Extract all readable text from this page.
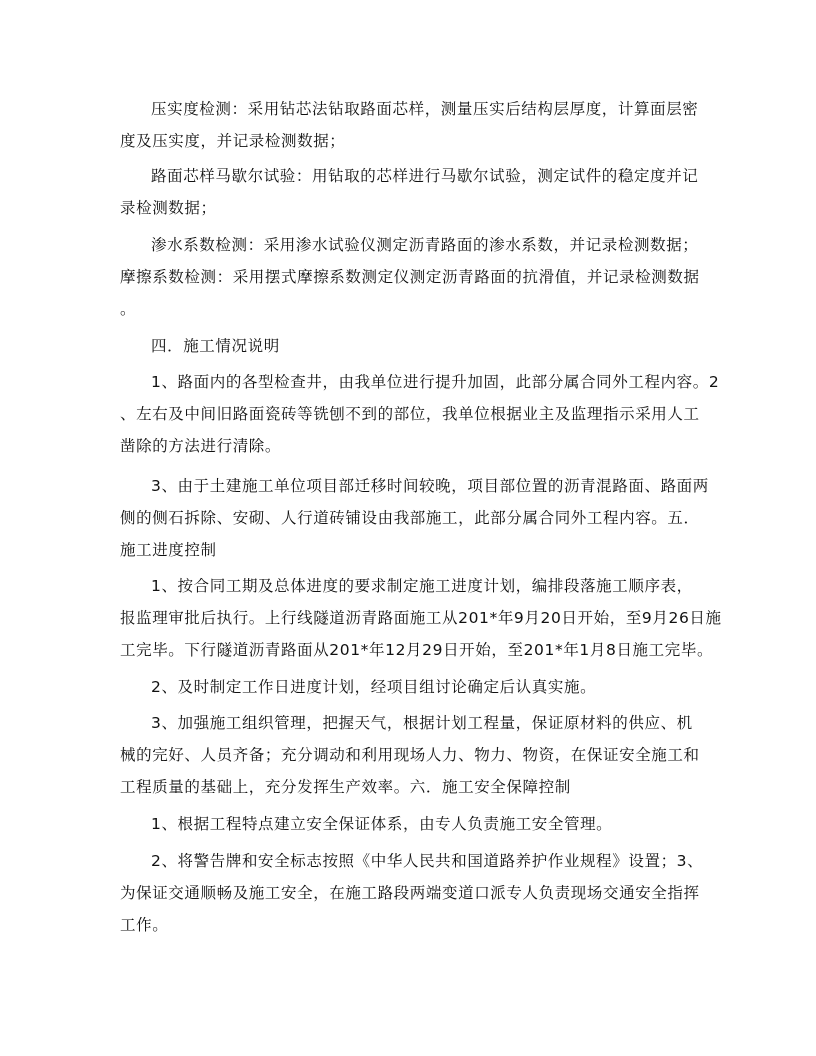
压实度检测：采用钻芯法钻取路面芯样，测量压实后结构层厚度，计算面层密
度及压实度，并记录检测数据；
路面芯样马歇尔试验：用钻取的芯样进行马歇尔试验，测定试件的稳定度并记
录检测数据；
渗水系数检测：采用渗水试验仪测定沥青路面的渗水系数，并记录检测数据；
摩擦系数检测：采用摆式摩擦系数测定仪测定沥青路面的抗滑值，并记录检测数据
。
四．施工情况说明
1、路面内的各型检查井，由我单位进行提升加固，此部分属合同外工程内容。2
、左右及中间旧路面瓷砖等铣刨不到的部位，我单位根据业主及监理指示采用人工
凿除的方法进行清除。
3、由于土建施工单位项目部迁移时间较晚，项目部位置的沥青混路面、路面两
侧的侧石拆除、安砌、人行道砖铺设由我部施工，此部分属合同外工程内容。五．
施工进度控制
1、按合同工期及总体进度的要求制定施工进度计划，编排段落施工顺序表，
报监理审批后执行。上行线隧道沥青路面施工从201*年9月20日开始，至9月26日施
工完毕。下行隧道沥青路面从201*年12月29日开始，至201*年1月8日施工完毕。
2、及时制定工作日进度计划，经项目组讨论确定后认真实施。
3、加强施工组织管理，把握天气，根据计划工程量，保证原材料的供应、机
械的完好、人员齐备；充分调动和利用现场人力、物力、物资，在保证安全施工和
工程质量的基础上，充分发挥生产效率。六．施工安全保障控制
1、根据工程特点建立安全保证体系，由专人负责施工安全管理。
2、将警告牌和安全标志按照《中华人民共和国道路养护作业规程》设置；3、
为保证交通顺畅及施工安全，在施工路段两端变道口派专人负责现场交通安全指挥
工作。
